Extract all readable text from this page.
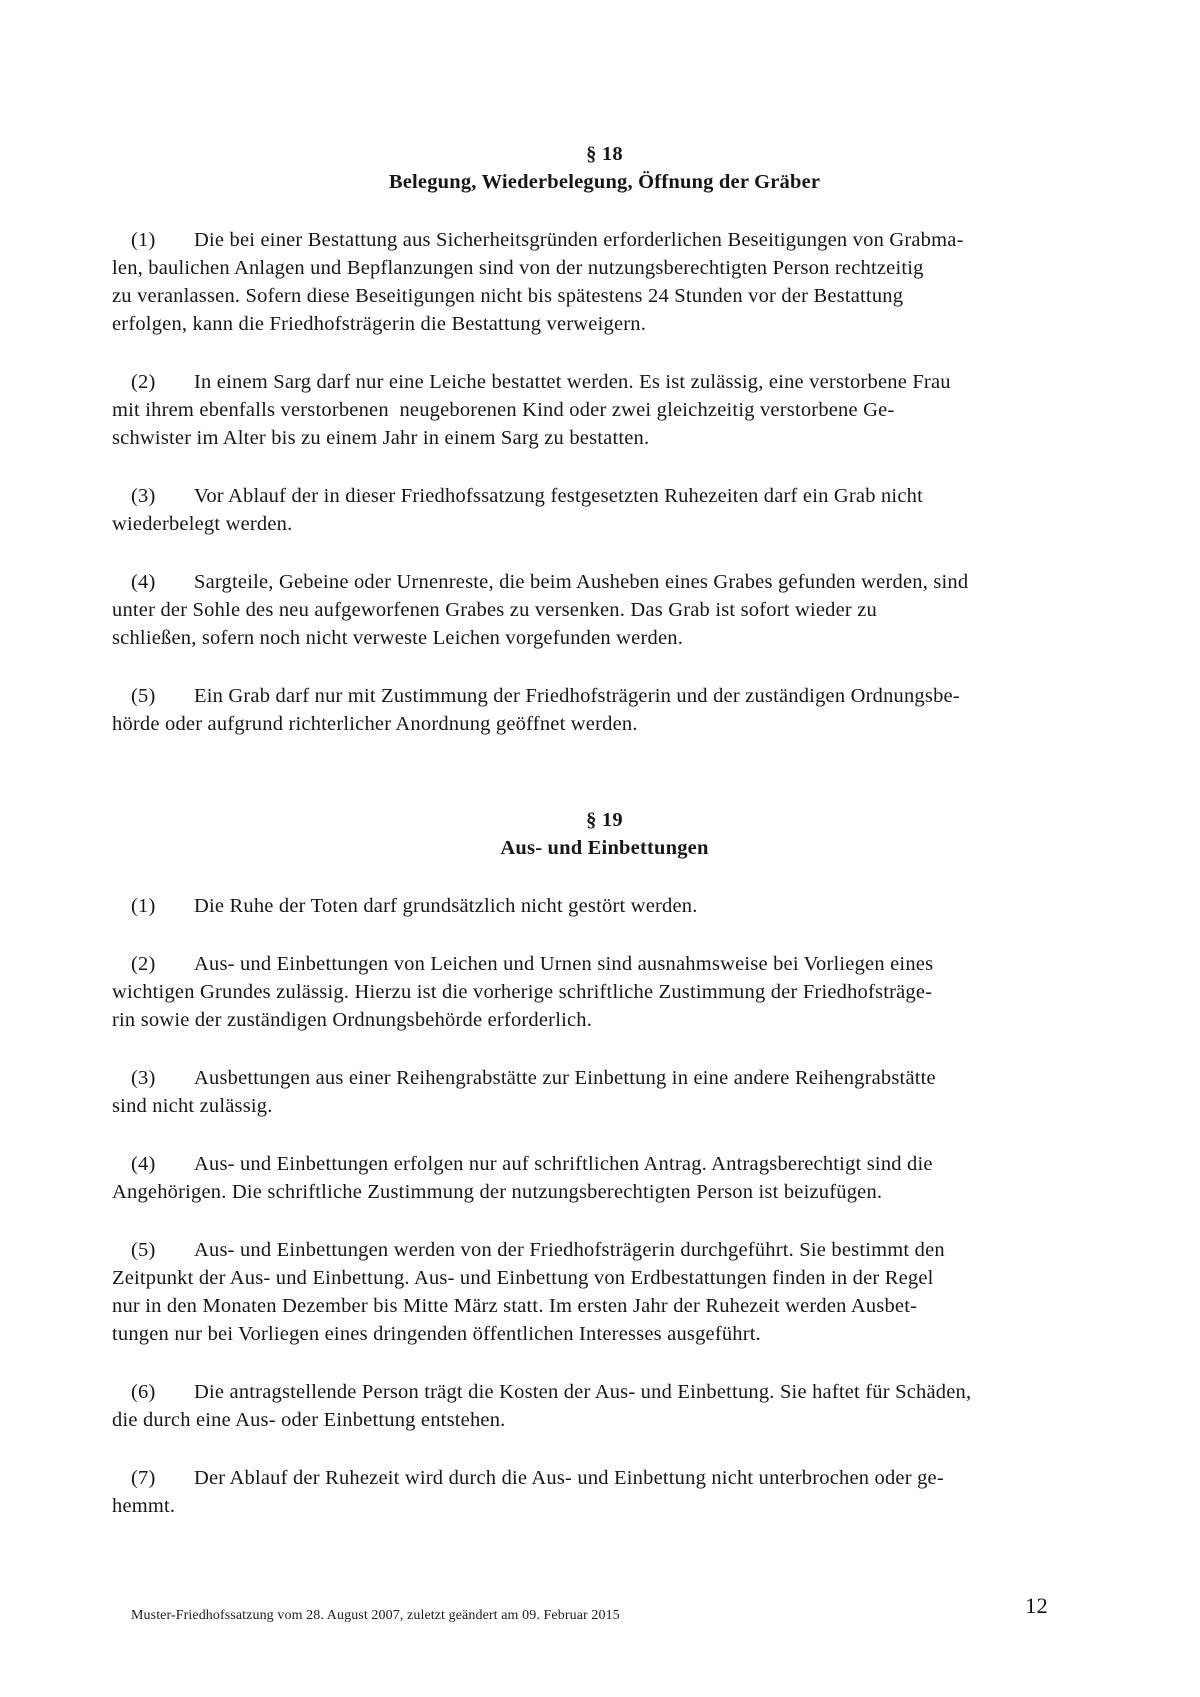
§ 18
Belegung, Wiederbelegung, Öffnung der Gräber

(1) Die bei einer Bestattung aus Sicherheitsgründen erforderlichen Beseitigungen von Grabma-
len, baulichen Anlagen und Bepflanzungen sind von der nutzungsberechtigten Person rechtzeitig
zu veranlassen. Sofern diese Beseitigungen nicht bis spätestens 24 Stunden vor der Bestattung
erfolgen, kann die Friedhofsträgerin die Bestattung verweigern.

(2) In einem Sarg darf nur eine Leiche bestattet werden. Es ist zulässig, eine verstorbene Frau
mit ihrem ebenfalls verstorbenen  neugeborenen Kind oder zwei gleichzeitig verstorbene Ge-
schwister im Alter bis zu einem Jahr in einem Sarg zu bestatten.

(3) Vor Ablauf der in dieser Friedhofssatzung festgesetzten Ruhezeiten darf ein Grab nicht
wiederbelegt werden.

(4) Sargteile, Gebeine oder Urnenreste, die beim Ausheben eines Grabes gefunden werden, sind
unter der Sohle des neu aufgeworfenen Grabes zu versenken. Das Grab ist sofort wieder zu
schließen, sofern noch nicht verweste Leichen vorgefunden werden.

(5) Ein Grab darf nur mit Zustimmung der Friedhofsträgerin und der zuständigen Ordnungsbe-
hörde oder aufgrund richterlicher Anordnung geöffnet werden.

§ 19
Aus- und Einbettungen

(1) Die Ruhe der Toten darf grundsätzlich nicht gestört werden.

(2) Aus- und Einbettungen von Leichen und Urnen sind ausnahmsweise bei Vorliegen eines
wichtigen Grundes zulässig. Hierzu ist die vorherige schriftliche Zustimmung der Friedhofsträge-
rin sowie der zuständigen Ordnungsbehörde erforderlich.

(3) Ausbettungen aus einer Reihengrabstätte zur Einbettung in eine andere Reihengrabstätte
sind nicht zulässig.

(4) Aus- und Einbettungen erfolgen nur auf schriftlichen Antrag. Antragsberechtigt sind die
Angehörigen. Die schriftliche Zustimmung der nutzungsberechtigten Person ist beizufügen.

(5) Aus- und Einbettungen werden von der Friedhofsträgerin durchgeführt. Sie bestimmt den
Zeitpunkt der Aus- und Einbettung. Aus- und Einbettung von Erdbestattungen finden in der Regel
nur in den Monaten Dezember bis Mitte März statt. Im ersten Jahr der Ruhezeit werden Ausbet-
tungen nur bei Vorliegen eines dringenden öffentlichen Interesses ausgeführt.

(6) Die antragstellende Person trägt die Kosten der Aus- und Einbettung. Sie haftet für Schäden,
die durch eine Aus- oder Einbettung entstehen.

(7) Der Ablauf der Ruhezeit wird durch die Aus- und Einbettung nicht unterbrochen oder ge-
hemmt.

Muster-Friedhofssatzung vom 28. August 2007, zuletzt geändert am 09. Februar 2015	12
